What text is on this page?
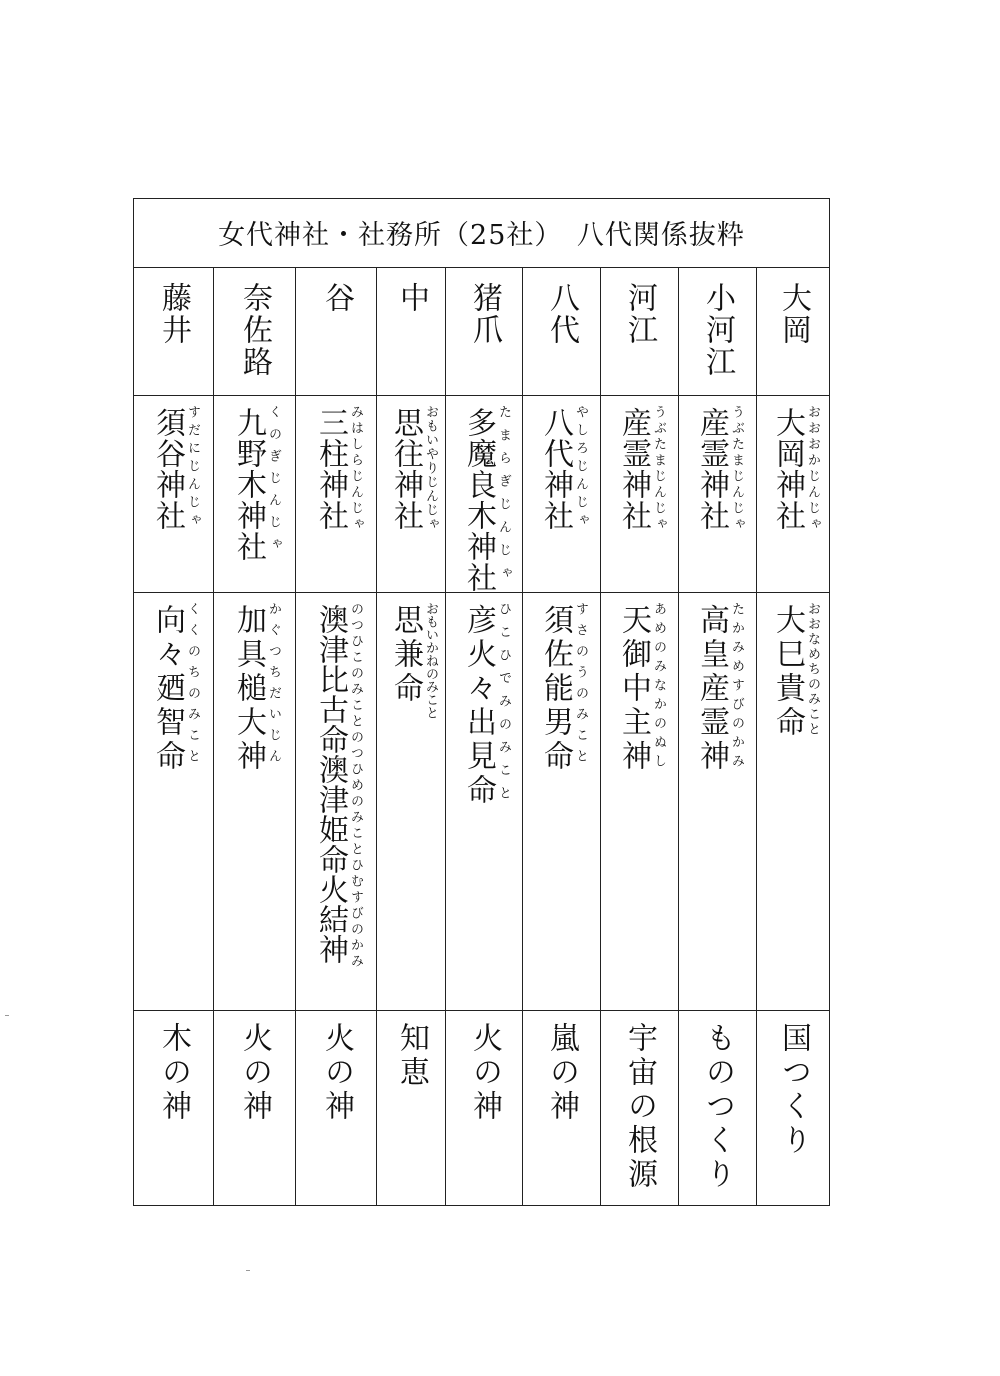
女代神社・社務所（25社）　八代関係抜粋
大岡
大岡神社 おおおかじんじゃ
大巳貴命 おおなめちのみこと
国つくり
小河江
産霊神社 うぶたまじんじゃ
高皇産霊神 たかみめすびのかみ
ものつくり
河江
産霊神社 うぶたまじんじゃ
天御中主神 あめのみなかのぬし
宇宙の根源
八代
八代神社 やしろじんじゃ
須佐能男命 すさのうのみこと
嵐の神
猪爪
多魔良木神社 たまらぎじんじゃ
彦火々出見命 ひこひでみのみこと
火の神
中
思往神社 おもいやりじんじゃ
思兼命 おもいかねのみこと
知恵
谷
三柱神社 みはしらじんじゃ
澳津比古命澳津姫命火結神 のつひこのみことのつひめのみことひむすびのかみ
火の神
奈佐路
九野木神社 くのぎじんじゃ
加具槌大神 かぐつちだいじん
火の神
藤井
須谷神社 すだにじんじゃ
向々廼智命 くくのちのみこと
木の神
